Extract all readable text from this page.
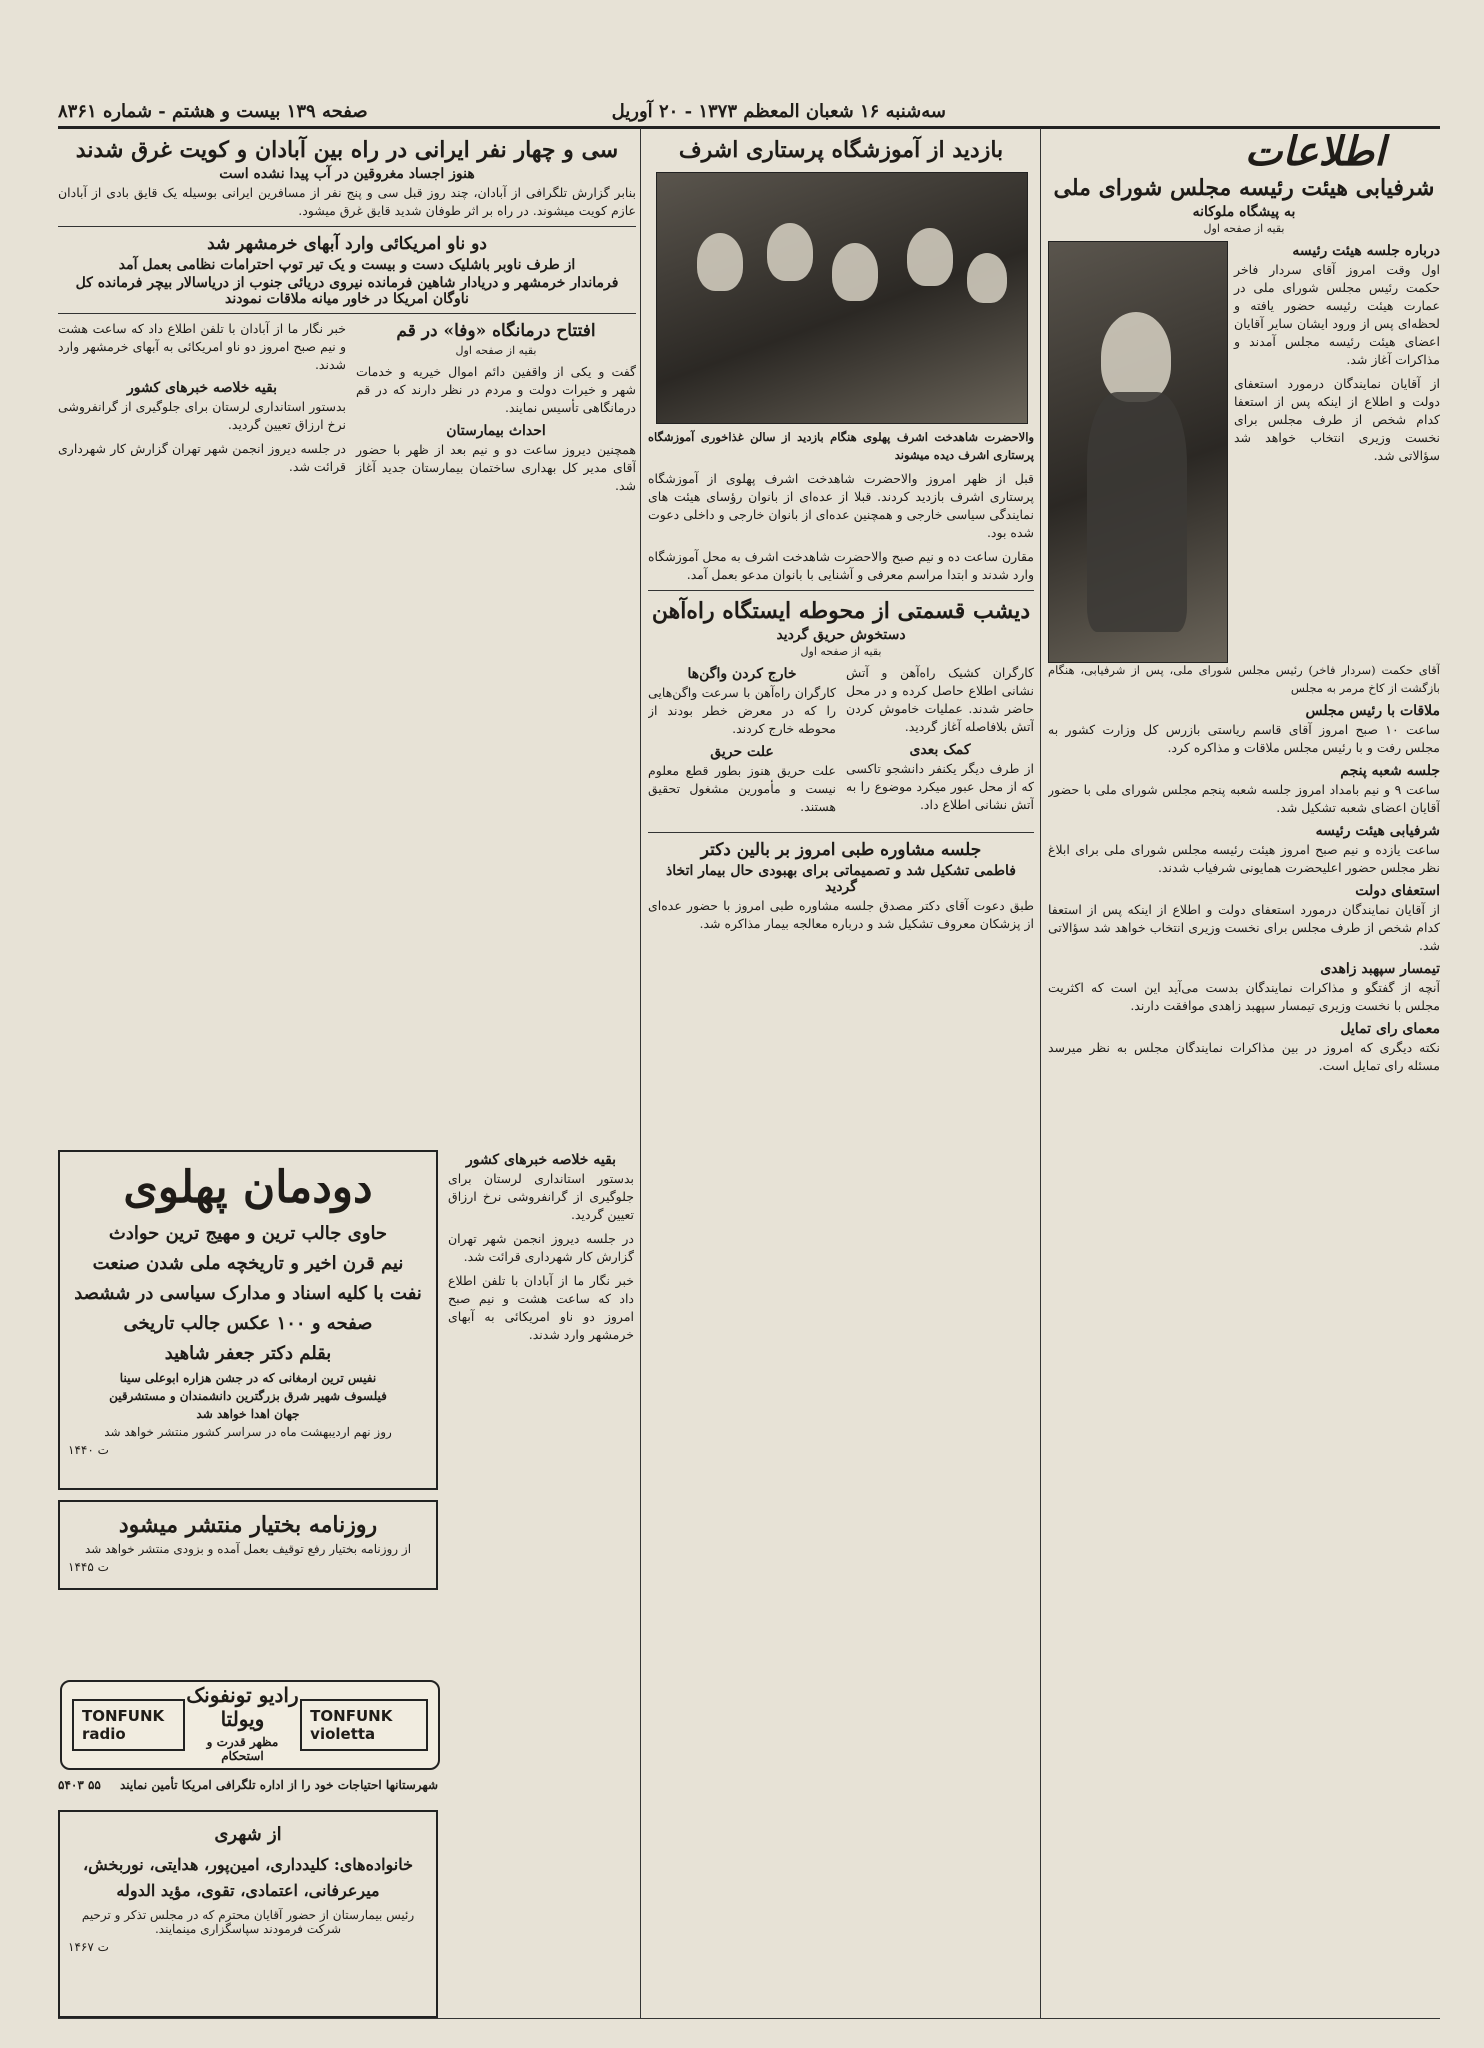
سه‌شنبه ۱۶ شعبان المعظم ۱۳۷۳ - ۲۰ آوریل
صفحه ۱۳۹ بیست و هشتم - شماره ۸۳۶۱
اطلاعات
شرفیابی هیئت رئیسه مجلس شورای ملی
به پیشگاه ملوکانه
بقیه از صفحه اول
درباره جلسه هیئت رئیسه

اول وقت امروز آقای سردار فاخر حکمت رئیس مجلس شورای ملی در عمارت هیئت رئیسه حضور یافته و لحظه‌ای پس از ورود ایشان سایر آقایان اعضای هیئت رئیسه مجلس آمدند و مذاکرات آغاز شد.

از آقایان نمایندگان درمورد استعفای دولت و اطلاع از اینکه پس از استعفا کدام شخص از طرف مجلس برای نخست وزیری انتخاب خواهد شد سؤالاتی شد.

آقای حکمت (سردار فاخر) رئیس مجلس شورای ملی، پس از شرفیابی، هنگام بازگشت از کاخ مرمر به مجلس

ملاقات با رئیس مجلس

ساعت ۱۰ صبح امروز آقای قاسم ریاستی بازرس کل وزارت کشور به مجلس رفت و با رئیس مجلس ملاقات و مذاکره کرد.

جلسه شعبه پنجم

ساعت ۹ و نیم بامداد امروز جلسه شعبه پنجم مجلس شورای ملی با حضور آقایان اعضای شعبه تشکیل شد.

شرفیابی هیئت رئیسه

ساعت یازده و نیم صبح امروز هیئت رئیسه مجلس شورای ملی برای ابلاغ نظر مجلس حضور اعلیحضرت همایونی شرفیاب شدند.

استعفای دولت

از آقایان نمایندگان درمورد استعفای دولت و اطلاع از اینکه پس از استعفا کدام شخص از طرف مجلس برای نخست وزیری انتخاب خواهد شد سؤالاتی شد.

تیمسار سپهبد زاهدی

آنچه از گفتگو و مذاکرات نمایندگان بدست می‌آید این است که اکثریت مجلس با نخست وزیری تیمسار سپهبد زاهدی موافقت دارند.

معمای رای تمایل

نکته دیگری که امروز در بین مذاکرات نمایندگان مجلس به نظر میرسد مسئله رای تمایل است.

بازدید از آموزشگاه پرستاری اشرف

والاحضرت شاهدخت اشرف پهلوی هنگام بازدید از سالن غذاخوری آموزشگاه پرستاری اشرف دیده میشوند

قبل از ظهر امروز والاحضرت شاهدخت اشرف پهلوی از آموزشگاه پرستاری اشرف بازدید کردند. قبلا از عده‌ای از بانوان رؤسای هیئت های نمایندگی سیاسی خارجی و همچنین عده‌ای از بانوان خارجی و داخلی دعوت شده بود.

مقارن ساعت ده و نیم صبح والاحضرت شاهدخت اشرف به محل آموزشگاه وارد شدند و ابتدا مراسم معرفی و آشنایی با بانوان مدعو بعمل آمد.

دیشب قسمتی از محوطه ایستگاه راه‌آهن
دستخوش حریق گردید
بقیه از صفحه اول

کارگران کشیک راه‌آهن و آتش نشانی اطلاع حاصل کرده و در محل حاضر شدند. عملیات خاموش کردن آتش بلافاصله آغاز گردید.

کمک بعدی

از طرف دیگر یکنفر دانشجو تاکسی که از محل عبور میکرد موضوع را به آتش نشانی اطلاع داد.

خارج کردن واگن‌ها

کارگران راه‌آهن با سرعت واگن‌هایی را که در معرض خطر بودند از محوطه خارج کردند.

علت حریق

علت حریق هنوز بطور قطع معلوم نیست و مأمورین مشغول تحقیق هستند.

جلسه مشاوره طبی امروز بر بالین دکتر
فاطمی تشکیل شد و تصمیماتی برای بهبودی حال بیمار اتخاذ گردید

طبق دعوت آقای دکتر مصدق جلسه مشاوره طبی امروز با حضور عده‌ای از پزشکان معروف تشکیل شد و درباره معالجه بیمار مذاکره شد.

سی و چهار نفر ایرانی در راه بین آبادان و کویت غرق شدند
هنوز اجساد مغروقین در آب پیدا نشده است

بنابر گزارش تلگرافی از آبادان، چند روز قبل سی و پنج نفر از مسافرین ایرانی بوسیله یک قایق بادی از آبادان عازم کویت میشوند. در راه بر اثر طوفان شدید قایق غرق میشود.

دو ناو امریکائی وارد آبهای خرمشهر شد
از طرف ناوبر باشلیک دست و بیست و یک تیر توپ احترامات نظامی بعمل آمد
فرماندار خرمشهر و دریادار شاهین فرمانده نیروی دریائی جنوب از دریاسالار بیچر فرمانده کل ناوگان امریکا در خاور میانه ملاقات نمودند
افتتاح درمانگاه «وفا» در قم
بقیه از صفحه اول

گفت و یکی از واقفین دائم اموال خیریه و خدمات شهر و خیرات دولت و مردم در نظر دارند که در قم درمانگاهی تأسیس نمایند.

احداث بیمارستان

همچنین دیروز ساعت دو و نیم بعد از ظهر با حضور آقای مدیر کل بهداری ساختمان بیمارستان جدید آغاز شد.

خبر نگار ما از آبادان با تلفن اطلاع داد که ساعت هشت و نیم صبح امروز دو ناو امریکائی به آبهای خرمشهر وارد شدند.

بقیه خلاصه خبرهای کشور

بدستور استانداری لرستان برای جلوگیری از گرانفروشی نرخ ارزاق تعیین گردید.

در جلسه دیروز انجمن شهر تهران گزارش کار شهرداری قرائت شد.

دودمان پهلوی
حاوی جالب ترین و مهیج ترین حوادث
نیم قرن اخیر و تاریخچه ملی شدن صنعت
نفت با کلیه اسناد و مدارک سیاسی در ششصد
صفحه و ۱۰۰ عکس جالب تاریخی
بقلم دکتر جعفر شاهید
نفیس ترین ارمغانی که در جشن هزاره ابوعلی سینا
فیلسوف شهیر شرق بزرگترین دانشمندان و مستشرقین
جهان اهدا خواهد شد
روز نهم اردیبهشت ماه در سراسر کشور منتشر خواهد شد
ت ۱۴۴۰
روزنامه بختیار منتشر میشود
از روزنامه بختیار رفع توقیف بعمل آمده و بزودی منتشر خواهد شد
ت ۱۴۴۵
TONFUNK violetta
رادیو تونفونک ویولتا
مظهر قدرت و استحکام
TONFUNK radio
شهرستانها احتیاجات خود را از اداره تلگرافی امریکا تأمین نمایند
۵۵ ۵۴۰۳
از شهری
خانواده‌های: کلیدداری، امین‌پور، هدایتی، نوربخش، میرعرفانی، اعتمادی، تقوی، مؤید الدوله
رئیس بیمارستان از حضور آقایان محترم که در مجلس تذکر و ترحیم شرکت فرمودند سپاسگزاری مینمایند.
ت ۱۴۶۷
بقیه خلاصه خبرهای کشور

بدستور استانداری لرستان برای جلوگیری از گرانفروشی نرخ ارزاق تعیین گردید.

در جلسه دیروز انجمن شهر تهران گزارش کار شهرداری قرائت شد.

خبر نگار ما از آبادان با تلفن اطلاع داد که ساعت هشت و نیم صبح امروز دو ناو امریکائی به آبهای خرمشهر وارد شدند.
